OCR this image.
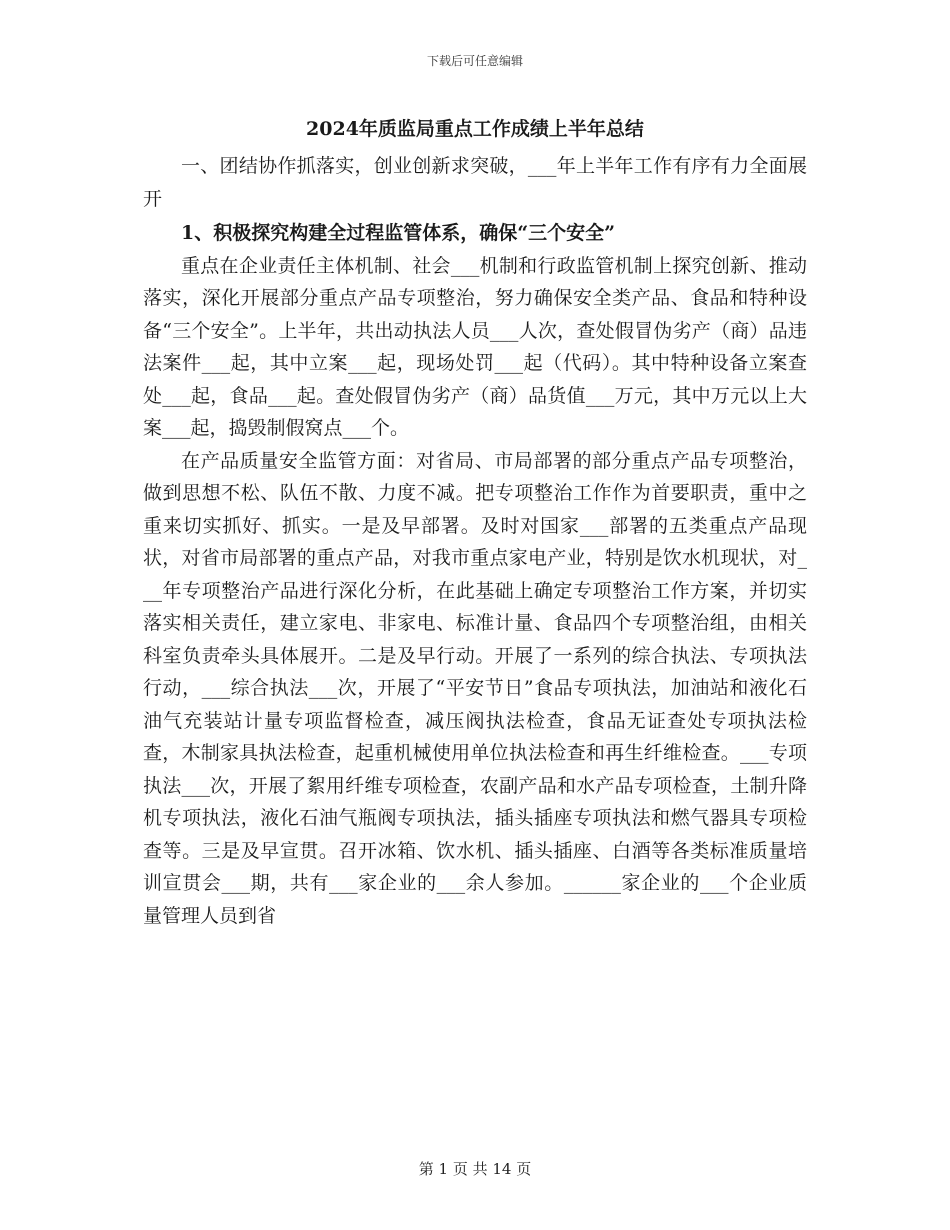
下载后可任意编辑
2024年质监局重点工作成绩上半年总结

一、团结协作抓落实，创业创新求突破，___年上半年工作有序有力全面展开

1、积极探究构建全过程监管体系，确保“三个安全”

重点在企业责任主体机制、社会___机制和行政监管机制上探究创新、推动落实，深化开展部分重点产品专项整治，努力确保安全类产品、食品和特种设备“三个安全”。上半年，共出动执法人员___人次，查处假冒伪劣产（商）品违法案件___起，其中立案___起，现场处罚___起（代码）。其中特种设备立案查处___起，食品___起。查处假冒伪劣产（商）品货值___万元，其中万元以上大案___起，捣毁制假窝点___个。

在产品质量安全监管方面：对省局、市局部署的部分重点产品专项整治，做到思想不松、队伍不散、力度不减。把专项整治工作作为首要职责，重中之重来切实抓好、抓实。一是及早部署。及时对国家___部署的五类重点产品现状，对省市局部署的重点产品，对我市重点家电产业，特别是饮水机现状，对___年专项整治产品进行深化分析，在此基础上确定专项整治工作方案，并切实落实相关责任，建立家电、非家电、标准计量、食品四个专项整治组，由相关科室负责牵头具体展开。二是及早行动。开展了一系列的综合执法、专项执法行动，___综合执法___次，开展了“平安节日”食品专项执法，加油站和液化石油气充装站计量专项监督检查，减压阀执法检查，食品无证查处专项执法检查，木制家具执法检查，起重机械使用单位执法检查和再生纤维检查。___专项执法___次，开展了絮用纤维专项检查，农副产品和水产品专项检查，土制升降机专项执法，液化石油气瓶阀专项执法，插头插座专项执法和燃气器具专项检查等。三是及早宣贯。召开冰箱、饮水机、插头插座、白酒等各类标准质量培训宣贯会___期，共有___家企业的___余人参加。______家企业的___个企业质量管理人员到省

第 1 页 共 14 页
